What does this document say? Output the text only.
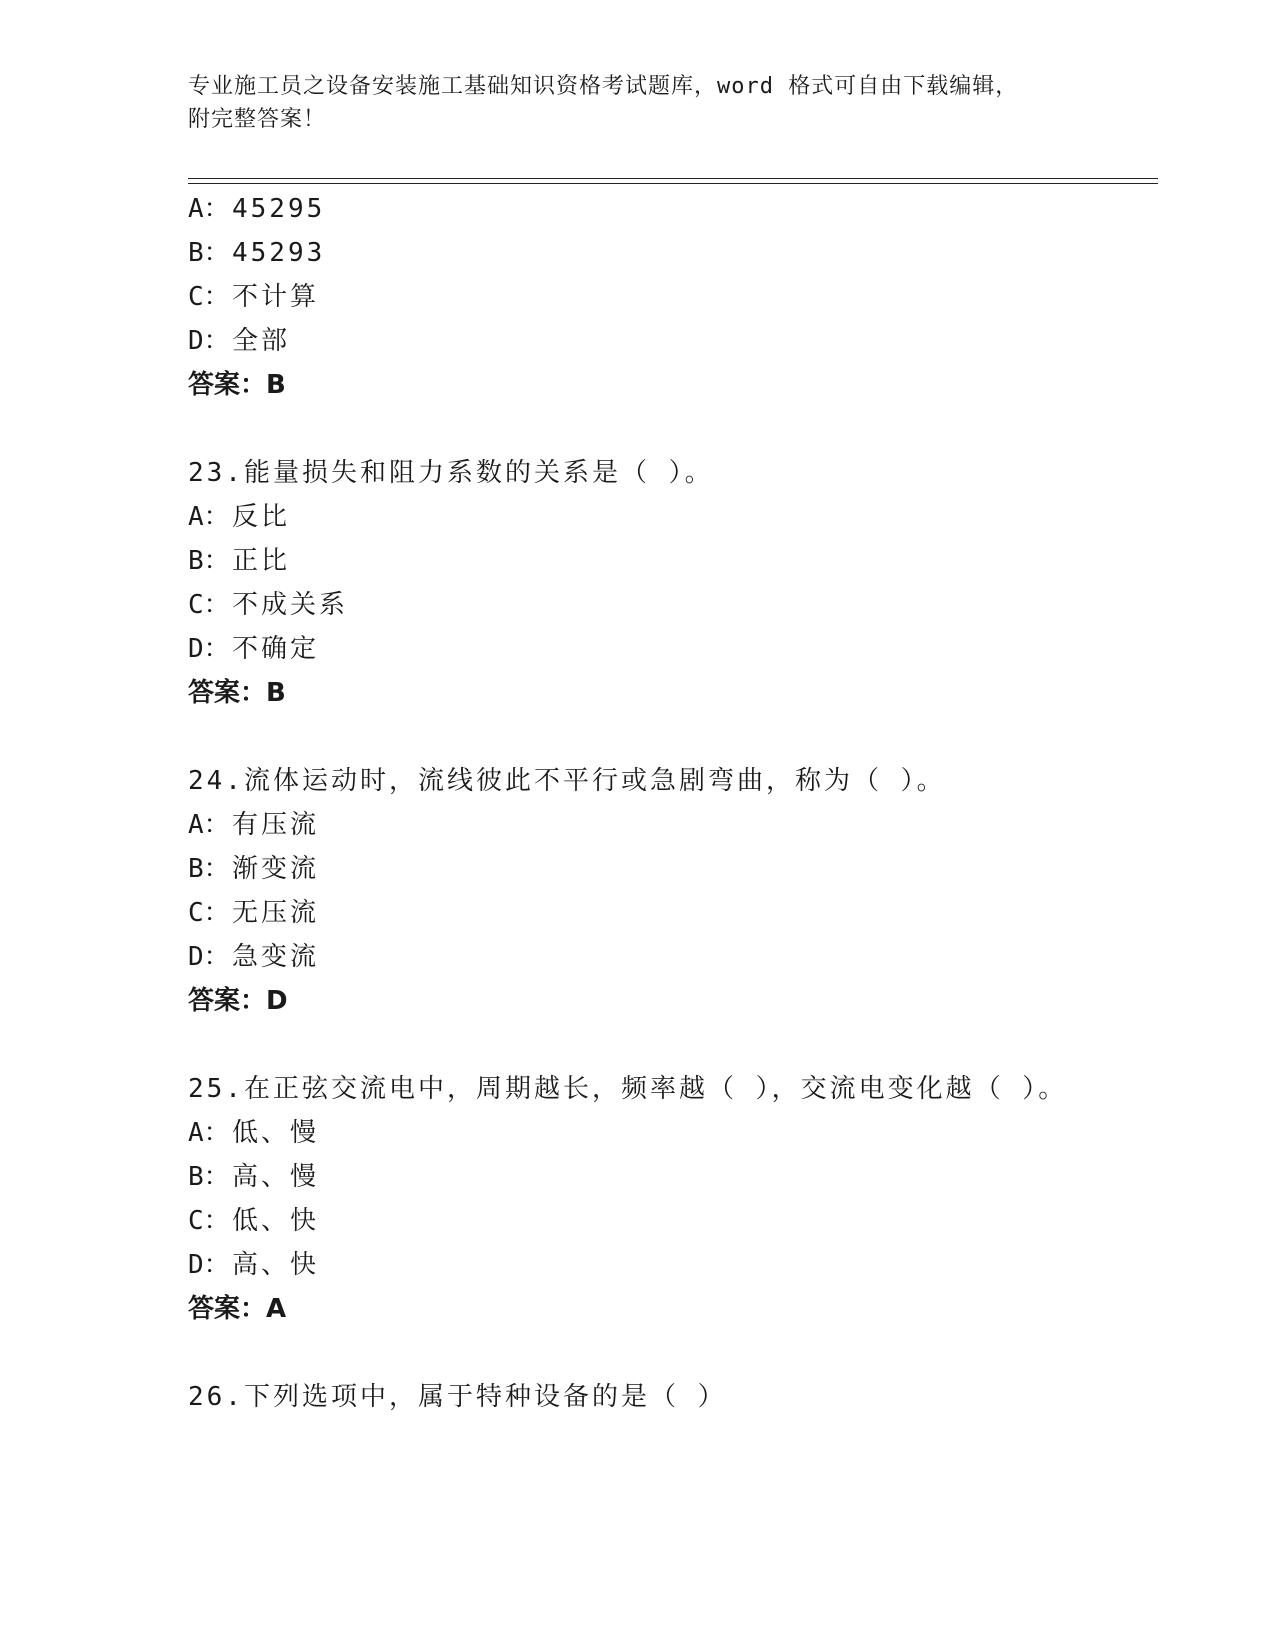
专业施工员之设备安装施工基础知识资格考试题库，word 格式可自由下载编辑，
附完整答案！
A：45295
B：45293
C：不计算
D：全部
答案：B
23.能量损失和阻力系数的关系是（ ）。
A：反比
B：正比
C：不成关系
D：不确定
答案：B
24.流体运动时，流线彼此不平行或急剧弯曲，称为（ ）。
A：有压流
B：渐变流
C：无压流
D：急变流
答案：D
25.在正弦交流电中，周期越长，频率越（ ），交流电变化越（ ）。
A：低、慢
B：高、慢
C：低、快
D：高、快
答案：A
26.下列选项中，属于特种设备的是（ ）
